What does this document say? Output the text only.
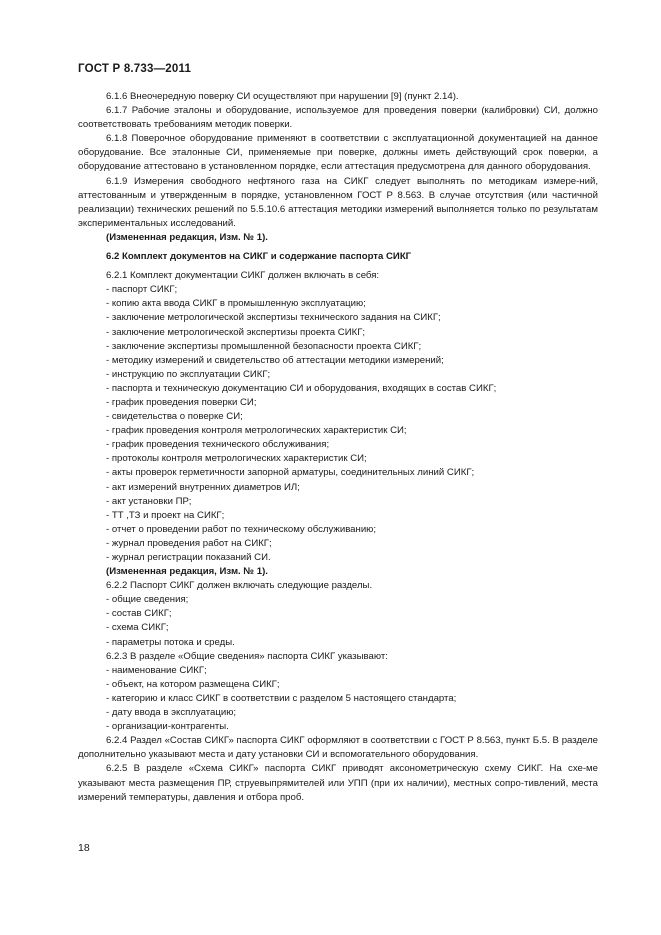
ГОСТ Р 8.733—2011

6.1.6 Внеочередную поверку СИ осуществляют при нарушении [9] (пункт 2.14).

6.1.7 Рабочие эталоны и оборудование, используемое для проведения поверки (калибровки) СИ, должно соответствовать требованиям методик поверки.

6.1.8 Поверочное оборудование применяют в соответствии с эксплуатационной документацией на данное оборудование. Все эталонные СИ, применяемые при поверке, должны иметь действующий срок поверки, а оборудование аттестовано в установленном порядке, если аттестация предусмотрена для данного оборудования.

6.1.9 Измерения свободного нефтяного газа на СИКГ следует выполнять по методикам измере-ний, аттестованным и утвержденным в порядке, установленном ГОСТ Р 8.563. В случае отсутствия (или частичной реализации) технических решений по 5.5.10.6 аттестация методики измерений выполняется только по результатам экспериментальных исследований.

(Измененная редакция, Изм. № 1).

6.2 Комплект документов на СИКГ и содержание паспорта СИКГ

6.2.1 Комплект документации СИКГ должен включать в себя:

- паспорт СИКГ;

- копию акта ввода СИКГ в промышленную эксплуатацию;

- заключение метрологической экспертизы технического задания на СИКГ;

- заключение метрологической экспертизы проекта СИКГ;

- заключение экспертизы промышленной безопасности проекта СИКГ;

- методику измерений и свидетельство об аттестации методики измерений;

- инструкцию по эксплуатации СИКГ;

- паспорта и техническую документацию СИ и оборудования, входящих в состав СИКГ;

- график проведения поверки СИ;

- свидетельства о поверке СИ;

- график проведения контроля метрологических характеристик СИ;

- график проведения технического обслуживания;

- протоколы контроля метрологических характеристик СИ;

- акты проверок герметичности запорной арматуры, соединительных линий СИКГ;

- акт измерений внутренних диаметров ИЛ;

- акт установки ПР;

- ТТ ,ТЗ и проект на СИКГ;

- отчет о проведении работ по техническому обслуживанию;

- журнал проведения работ на СИКГ;

- журнал регистрации показаний СИ.

(Измененная редакция, Изм. № 1).

6.2.2 Паспорт СИКГ должен включать следующие разделы.

- общие сведения;

- состав СИКГ;

- схема СИКГ;

- параметры потока и среды.

6.2.3 В разделе «Общие сведения» паспорта СИКГ указывают:

- наименование СИКГ;

- объект, на котором размещена СИКГ;

- категорию и класс СИКГ в соответствии с разделом 5 настоящего стандарта;

- дату ввода в эксплуатацию;

- организации-контрагенты.

6.2.4 Раздел «Состав СИКГ» паспорта СИКГ оформляют в соответствии с ГОСТ Р 8.563, пункт Б.5. В разделе дополнительно указывают места и дату установки СИ и вспомогательного оборудования.

6.2.5 В разделе «Схема СИКГ» паспорта СИКГ приводят аксонометрическую схему СИКГ. На схе-ме указывают места размещения ПР, струевыпрямителей или УПП (при их наличии), местных сопро-тивлений, места измерений температуры, давления и отбора проб.

18
